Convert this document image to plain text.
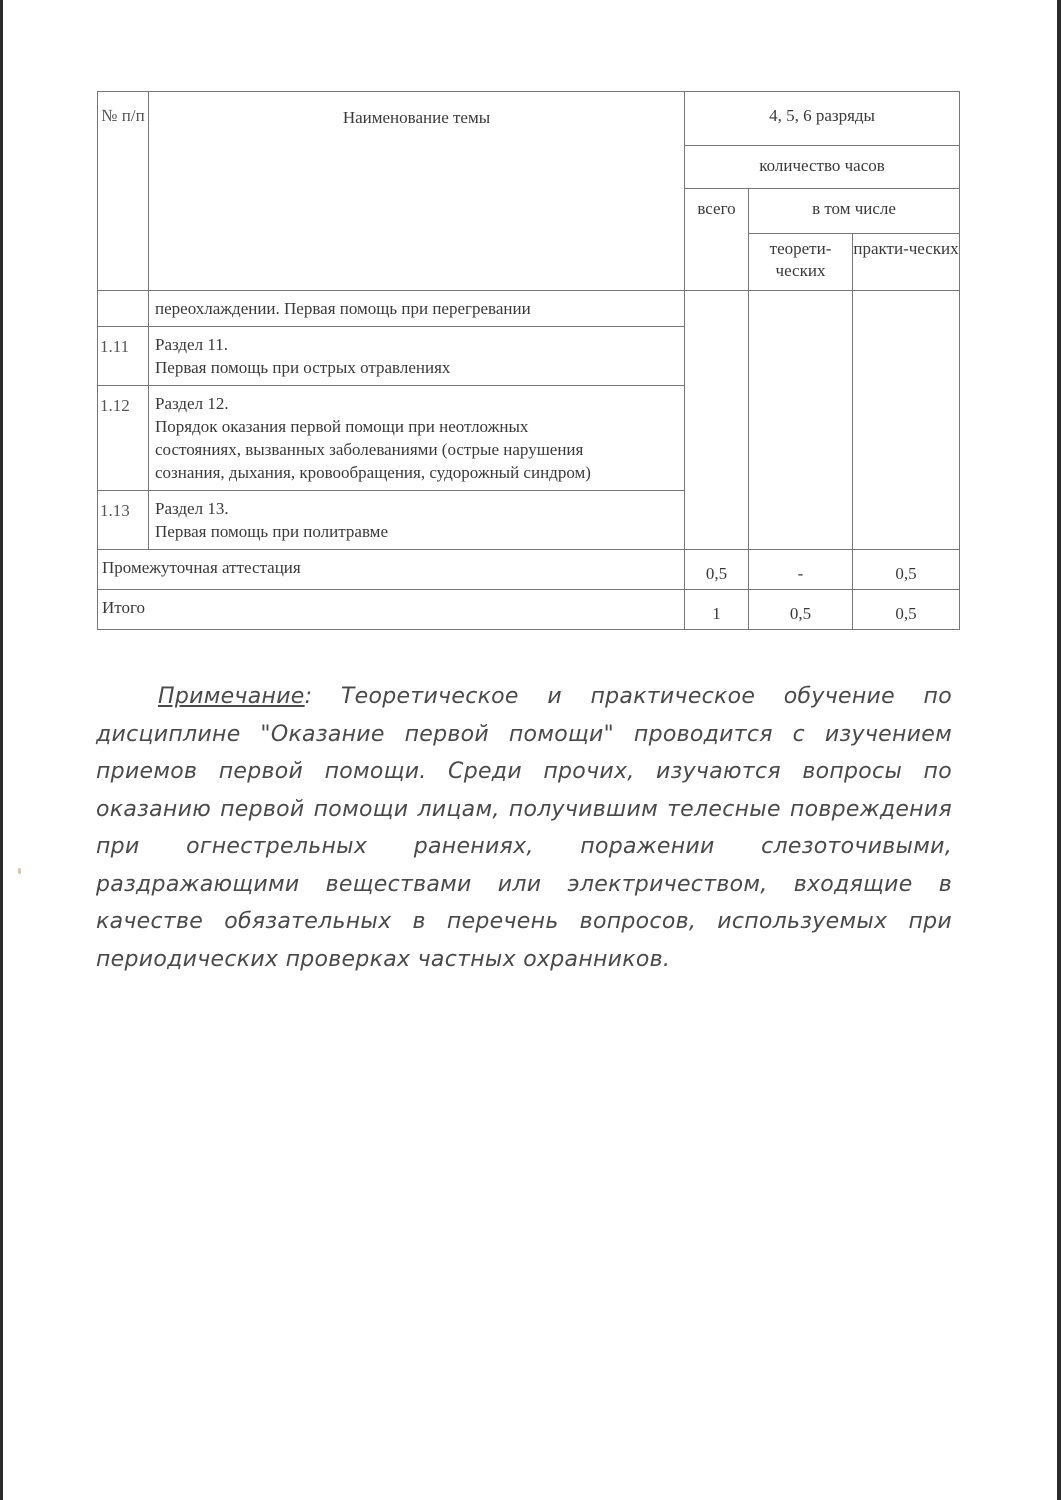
№ п/п	Наименование темы	4, 5, 6 разряды		
		количество часов		
		всего	в том числе	
			теорети-ческих	практи-ческих

	переохлаждении. Первая помощь при перегревании			

1.11	Раздел 11.
Первая помощь при острых отравлениях			

1.12	Раздел 12.
Порядок оказания первой помощи при неотложных
состояниях, вызванных заболеваниями (острые нарушения
сознания, дыхания, кровообращения, судорожный синдром)			

1.13	Раздел 13.
Первая помощь при политравме			

Промежуточная аттестация		0,5	-	0,5
Итого		1	0,5	0,5

Примечание: Теоретическое и практическое обучение по дисциплине "Оказание первой помощи" проводится с изучением приемов первой помощи. Среди прочих, изучаются вопросы по оказанию первой помощи лицам, получившим телесные повреждения при огнестрельных ранениях, поражении слезоточивыми, раздражающими веществами или электричеством, входящие в качестве обязательных в перечень вопросов, используемых при периодических проверках частных охранников.
